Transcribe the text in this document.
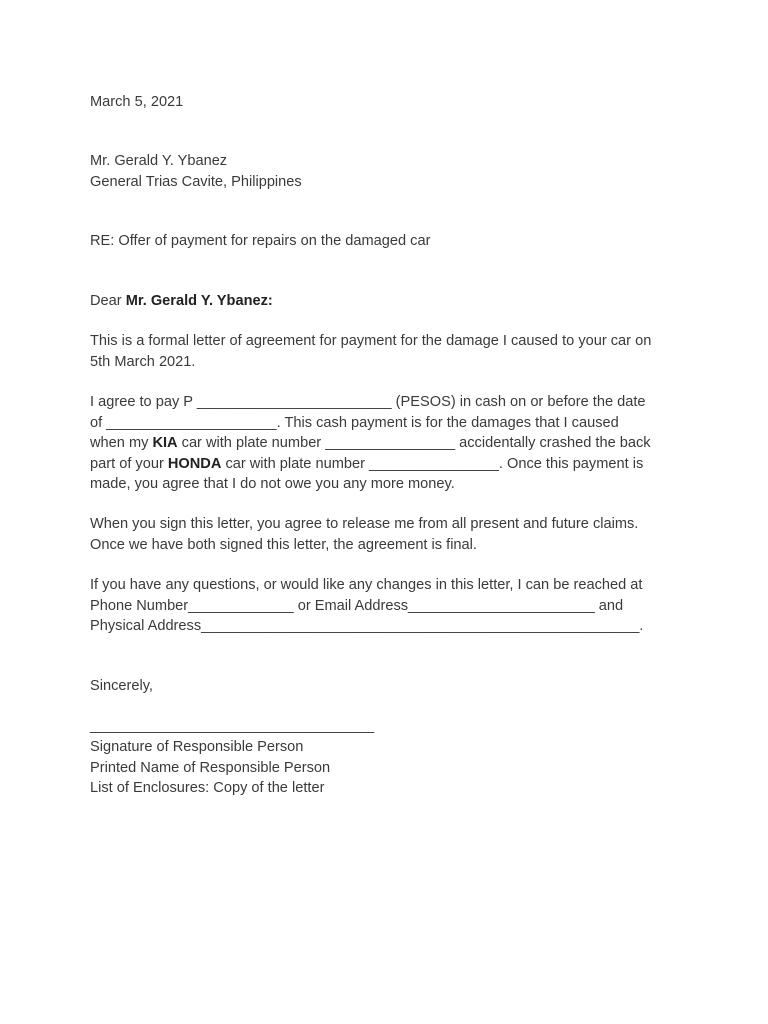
March 5, 2021
Mr. Gerald Y. Ybanez
General Trias Cavite, Philippines
RE: Offer of payment for repairs on the damaged car
Dear Mr. Gerald Y. Ybanez:
This is a formal letter of agreement for payment for the damage I caused to your car on
5th March 2021.
I agree to pay P ________________________ (PESOS) in cash on or before the date
of _____________________. This cash payment is for the damages that I caused
when my KIA car with plate number ________________ accidentally crashed the back
part of your HONDA car with plate number ________________. Once this payment is
made, you agree that I do not owe you any more money.
When you sign this letter, you agree to release me from all present and future claims.
Once we have both signed this letter, the agreement is final.
If you have any questions, or would like any changes in this letter, I can be reached at
Phone Number_____________ or Email Address_______________________ and
Physical Address______________________________________________________.
Sincerely,
___________________________________
Signature of Responsible Person
Printed Name of Responsible Person
List of Enclosures: Copy of the letter
